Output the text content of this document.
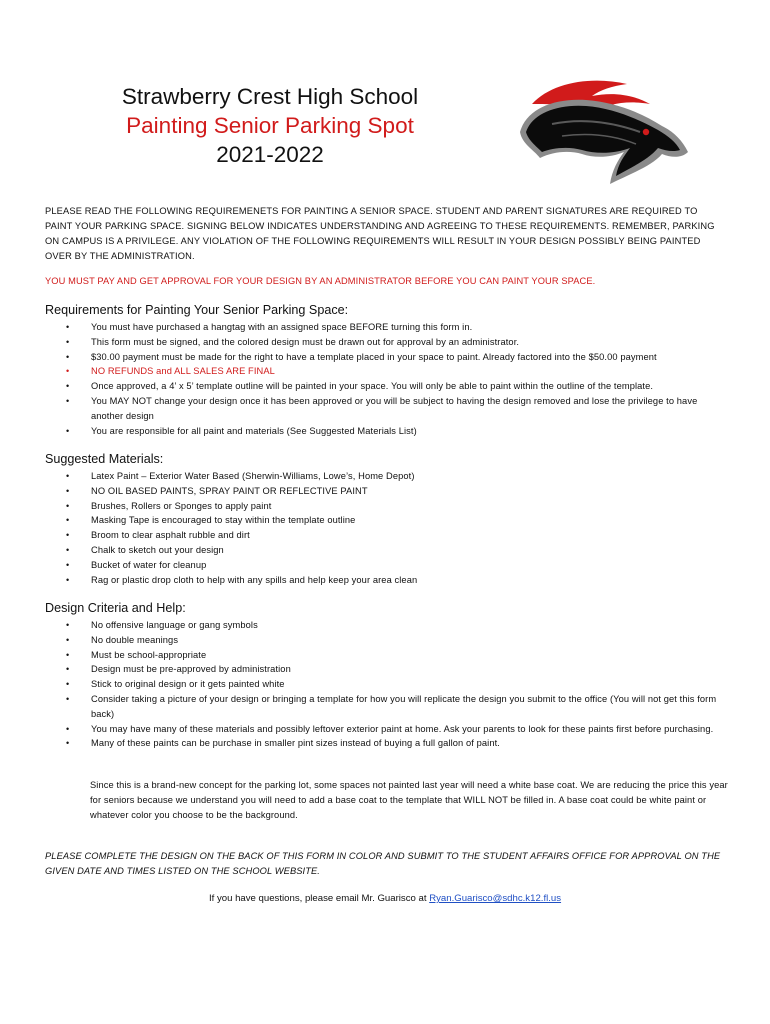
Strawberry Crest High School
Painting Senior Parking Spot
2021-2022
PLEASE READ THE FOLLOWING REQUIREMENETS FOR PAINTING A SENIOR SPACE. STUDENT AND PARENT SIGNATURES ARE REQUIRED TO PAINT YOUR PARKING SPACE. SIGNING BELOW INDICATES UNDERSTANDING AND AGREEING TO THESE REQUIREMENTS. REMEMBER, PARKING ON CAMPUS IS A PRIVILEGE. ANY VIOLATION OF THE FOLLOWING REQUIREMENTS WILL RESULT IN YOUR DESIGN POSSIBLY BEING PAINTED OVER BY THE ADMINISTRATION.
YOU MUST PAY AND GET APPROVAL FOR YOUR DESIGN BY AN ADMINISTRATOR BEFORE YOU CAN PAINT YOUR SPACE.
Requirements for Painting Your Senior Parking Space:
• You must have purchased a hangtag with an assigned space BEFORE turning this form in.
• This form must be signed, and the colored design must be drawn out for approval by an administrator.
• $30.00 payment must be made for the right to have a template placed in your space to paint. Already factored into the $50.00 payment
• NO REFUNDS and ALL SALES ARE FINAL
• Once approved, a 4’ x 5’ template outline will be painted in your space. You will only be able to paint within the outline of the template.
• You MAY NOT change your design once it has been approved or you will be subject to having the design removed and lose the privilege to have another design
• You are responsible for all paint and materials (See Suggested Materials List)
Suggested Materials:
• Latex Paint – Exterior Water Based (Sherwin-Williams, Lowe’s, Home Depot)
• NO OIL BASED PAINTS, SPRAY PAINT OR REFLECTIVE PAINT
• Brushes, Rollers or Sponges to apply paint
• Masking Tape is encouraged to stay within the template outline
• Broom to clear asphalt rubble and dirt
• Chalk to sketch out your design
• Bucket of water for cleanup
• Rag or plastic drop cloth to help with any spills and help keep your area clean
Design Criteria and Help:
• No offensive language or gang symbols
• No double meanings
• Must be school-appropriate
• Design must be pre-approved by administration
• Stick to original design or it gets painted white
• Consider taking a picture of your design or bringing a template for how you will replicate the design you submit to the office (You will not get this form back)
• You may have many of these materials and possibly leftover exterior paint at home. Ask your parents to look for these paints first before purchasing.
• Many of these paints can be purchase in smaller pint sizes instead of buying a full gallon of paint.
Since this is a brand-new concept for the parking lot, some spaces not painted last year will need a white base coat. We are reducing the price this year for seniors because we understand you will need to add a base coat to the template that WILL NOT be filled in. A base coat could be white paint or whatever color you choose to be the background.
PLEASE COMPLETE THE DESIGN ON THE BACK OF THIS FORM IN COLOR AND SUBMIT TO THE STUDENT AFFAIRS OFFICE FOR APPROVAL ON THE GIVEN DATE AND TIMES LISTED ON THE SCHOOL WEBSITE.
If you have questions, please email Mr. Guarisco at Ryan.Guarisco@sdhc.k12.fl.us
